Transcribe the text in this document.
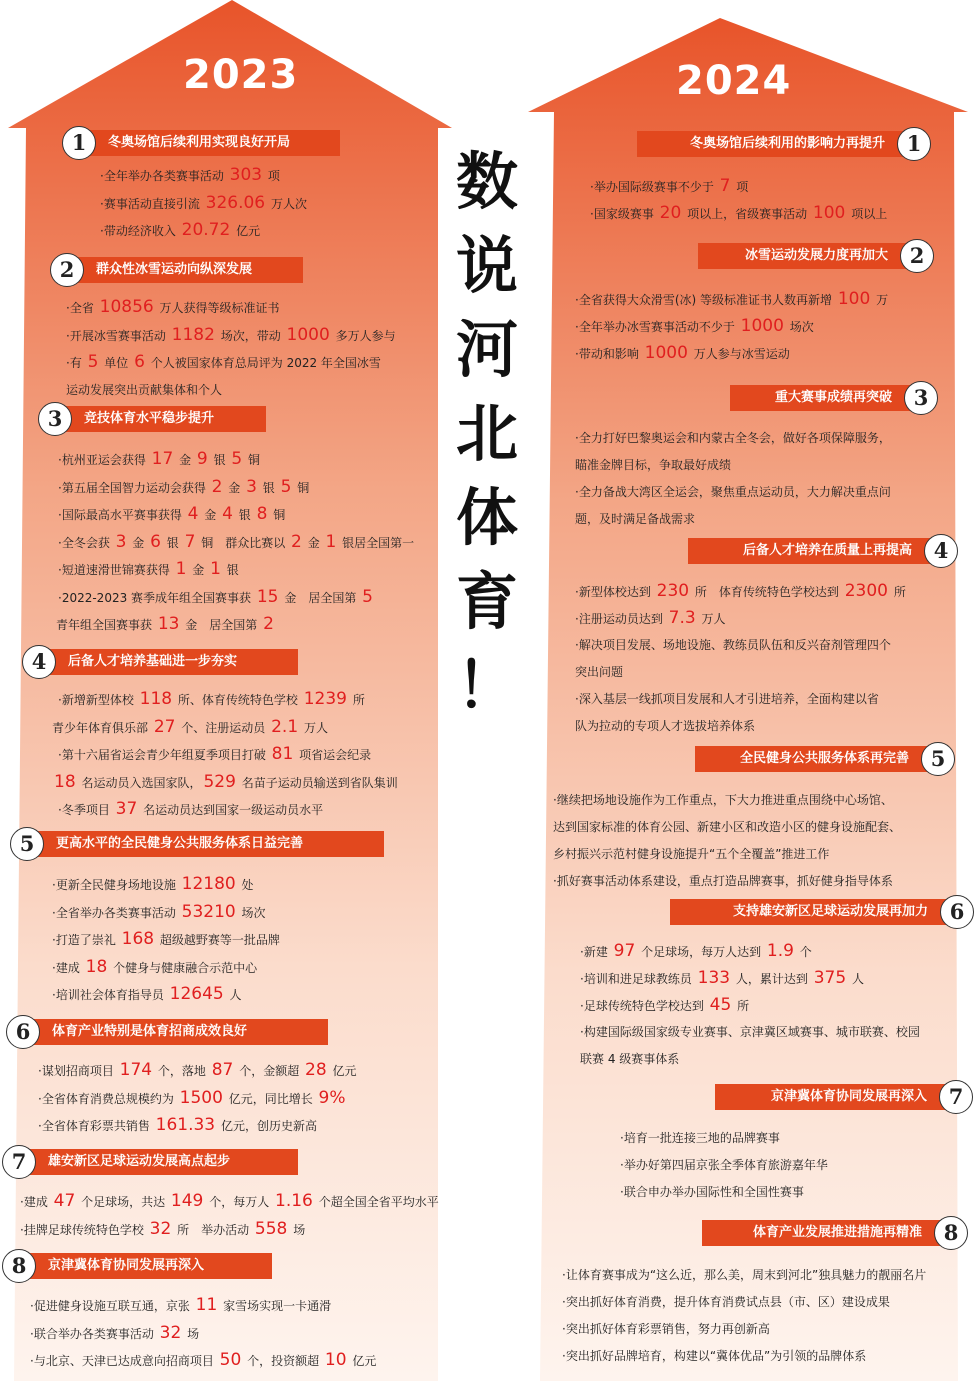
2023	2024
数
说
河
北
体
育
！
冬奥场馆后续利用实现良好开局
1
·全年举办各类赛事活动 303 项
·赛事活动直接引流 326.06 万人次
·带动经济收入 20.72 亿元
群众性冰雪运动向纵深发展
2
·全省 10856 万人获得等级标准证书
·开展冰雪赛事活动 1182 场次，带动 1000 多万人参与
·有 5 单位 6 个人被国家体育总局评为 2022 年全国冰雪
运动发展突出贡献集体和个人
竞技体育水平稳步提升
3
·杭州亚运会获得 17 金 9 银 5 铜
·第五届全国智力运动会获得 2 金 3 银 5 铜
·国际最高水平赛事获得 4 金 4 银 8 铜
·全冬会获 3 金 6 银 7 铜　群众比赛以 2 金 1 银居全国第一
·短道速滑世锦赛获得 1 金 1 银
·2022-2023 赛季成年组全国赛事获 15 金　居全国第 5
青年组全国赛事获 13 金　居全国第 2
后备人才培养基础进一步夯实
4
·新增新型体校 118 所、体育传统特色学校 1239 所
青少年体育俱乐部 27 个、注册运动员 2.1 万人
·第十六届省运会青少年组夏季项目打破 81 项省运会纪录
18 名运动员入选国家队， 529 名苗子运动员输送到省队集训
·冬季项目 37 名运动员达到国家一级运动员水平
更高水平的全民健身公共服务体系日益完善
5
·更新全民健身场地设施 12180 处
·全省举办各类赛事活动 53210 场次
·打造了崇礼 168 超级越野赛等一批品牌
·建成 18 个健身与健康融合示范中心
·培训社会体育指导员 12645 人
体育产业特别是体育招商成效良好
6
·谋划招商项目 174 个，落地 87 个，金额超 28 亿元
·全省体育消费总规模约为 1500 亿元，同比增长 9%
·全省体育彩票共销售 161.33 亿元，创历史新高
雄安新区足球运动发展高点起步
7
·建成 47 个足球场，共达 149 个，每万人 1.16 个超全国全省平均水平
·挂牌足球传统特色学校 32 所　举办活动 558 场
京津冀体育协同发展再深入
8
·促进健身设施互联互通，京张 11 家雪场实现一卡通滑
·联合举办各类赛事活动 32 场
·与北京、天津已达成意向招商项目 50 个，投资额超 10 亿元
冬奥场馆后续利用的影响力再提升	1
·举办国际级赛事不少于 7 项
·国家级赛事 20 项以上，省级赛事活动 100 项以上
冰雪运动发展力度再加大	2
·全省获得大众滑雪(冰) 等级标准证书人数再新增 100 万
·全年举办冰雪赛事活动不少于 1000 场次
·带动和影响 1000 万人参与冰雪运动
重大赛事成绩再突破	3
·全力打好巴黎奥运会和内蒙古全冬会，做好各项保障服务，
瞄准金牌目标，争取最好成绩
·全力备战大湾区全运会，聚焦重点运动员，大力解决重点问
题，及时满足备战需求
后备人才培养在质量上再提高	4
·新型体校达到 230 所　体育传统特色学校达到 2300 所
·注册运动员达到 7.3 万人
·解决项目发展、场地设施、教练员队伍和反兴奋剂管理四个
突出问题
·深入基层一线抓项目发展和人才引进培养，全面构建以省
队为拉动的专项人才选拔培养体系
全民健身公共服务体系再完善	5
·继续把场地设施作为工作重点，下大力推进重点围绕中心场馆、
达到国家标准的体育公园、新建小区和改造小区的健身设施配套、
乡村振兴示范村健身设施提升“五个全覆盖”推进工作
·抓好赛事活动体系建设，重点打造品牌赛事，抓好健身指导体系
支持雄安新区足球运动发展再加力	6
·新建 97 个足球场，每万人达到 1.9 个
·培训和进足球教练员 133 人，累计达到 375 人
·足球传统特色学校达到 45 所
·构建国际级国家级专业赛事、京津冀区域赛事、城市联赛、校园
联赛 4 级赛事体系
京津冀体育协同发展再深入	7
·培育一批连接三地的品牌赛事
·举办好第四届京张全季体育旅游嘉年华
·联合申办举办国际性和全国性赛事
体育产业发展推进措施再精准	8
·让体育赛事成为“这么近，那么美，周末到河北”独具魅力的靓丽名片
·突出抓好体育消费，提升体育消费试点县（市、区）建设成果
·突出抓好体育彩票销售，努力再创新高
·突出抓好品牌培育，构建以“冀体优品”为引领的品牌体系
